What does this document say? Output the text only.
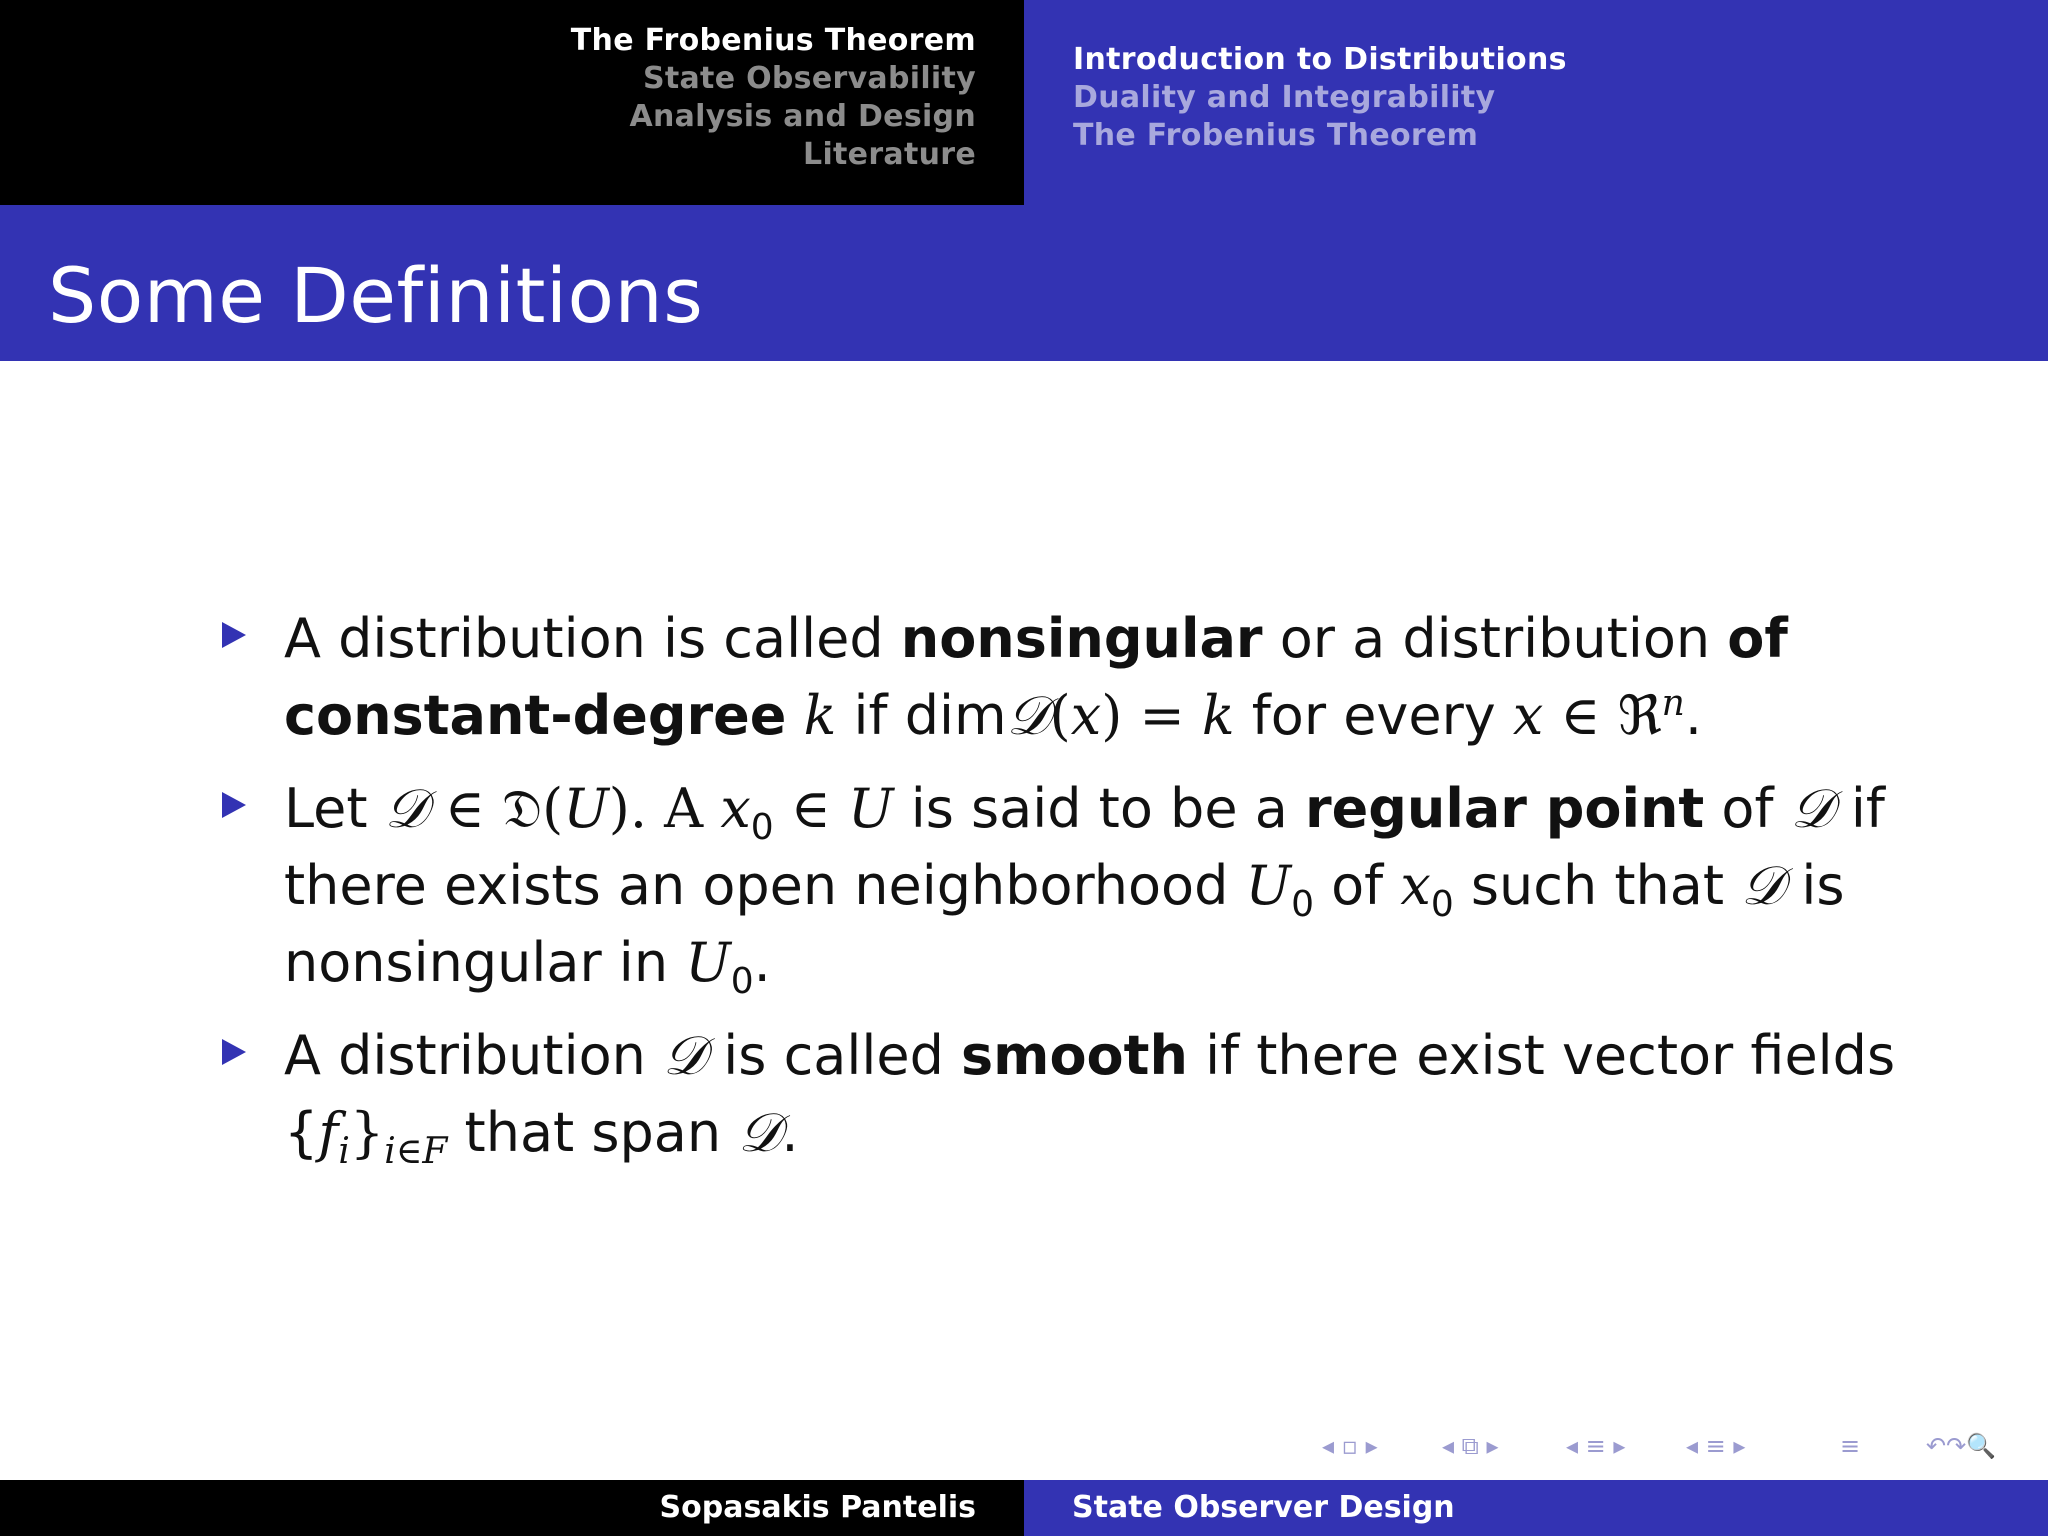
The Frobenius Theorem
State Observability
Analysis and Design
Literature
Introduction to Distributions
Duality and Integrability
The Frobenius Theorem
Some Definitions
A distribution is called nonsingular or a distribution of constant-degree k if dim𝒟(x) = k for every x ∈ ℜ$^n$.
Let 𝒟 ∈ 𝔇(U). A $x_0$ ∈ U is said to be a regular point of 𝒟 if there exists an open neighborhood $U_0$ of $x_0$ such that 𝒟 is nonsingular in $U_0$.
A distribution 𝒟 is called smooth if there exist vector fields $\{f_i\}_{i\in F}$ that span 𝒟.
◂ ▫ ▸	◂ ⧉ ▸	◂ ≡ ▸	◂ ≡ ▸	≡	↶↷🔍
Sopasakis Pantelis	State Observer Design
